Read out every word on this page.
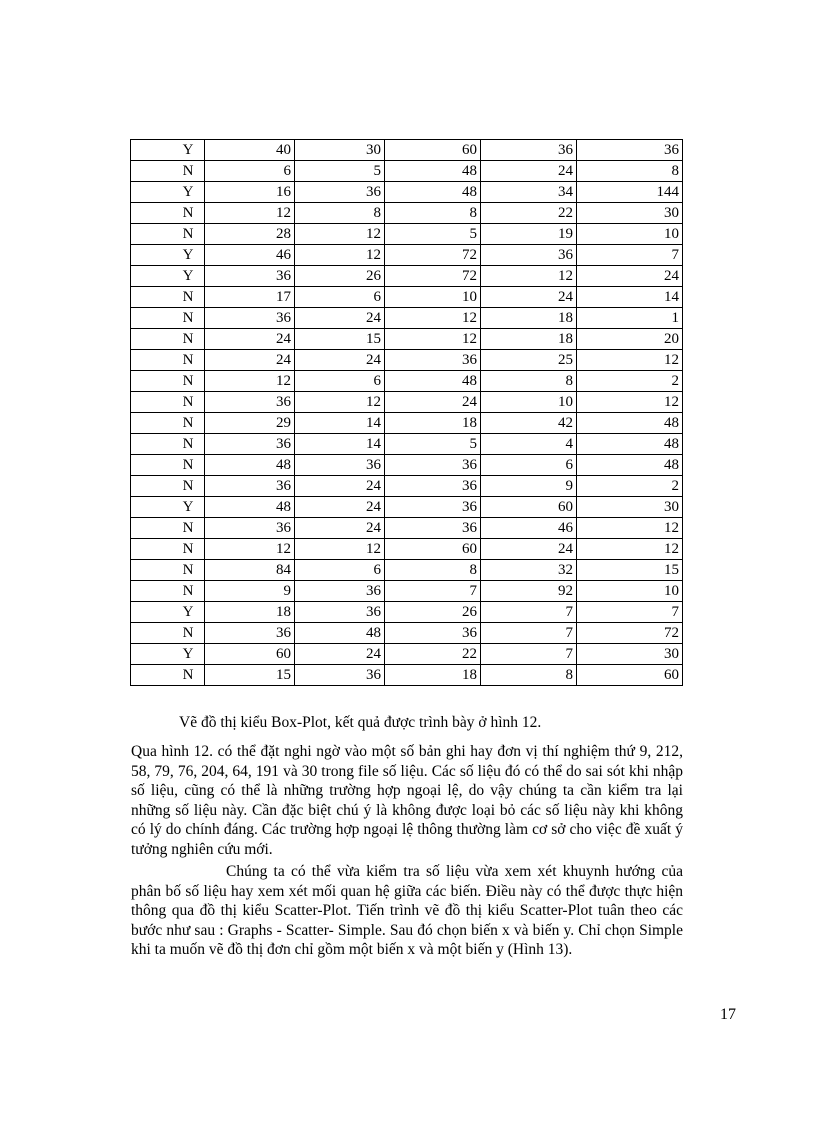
Y	40	30	60	36	36
N	6	5	48	24	8
Y	16	36	48	34	144
N	12	8	8	22	30
N	28	12	5	19	10
Y	46	12	72	36	7
Y	36	26	72	12	24
N	17	6	10	24	14
N	36	24	12	18	1
N	24	15	12	18	20
N	24	24	36	25	12
N	12	6	48	8	2
N	36	12	24	10	12
N	29	14	18	42	48
N	36	14	5	4	48
N	48	36	36	6	48
N	36	24	36	9	2
Y	48	24	36	60	30
N	36	24	36	46	12
N	12	12	60	24	12
N	84	6	8	32	15
N	9	36	7	92	10
Y	18	36	26	7	7
N	36	48	36	7	72
Y	60	24	22	7	30
N	15	36	18	8	60
Vẽ đồ thị kiểu Box-Plot, kết quả được trình bày ở hình 12.
Qua hình 12. có thể đặt nghi ngờ vào một số bản ghi hay đơn vị thí nghiệm thứ 9, 212, 58, 79, 76, 204, 64, 191 và 30 trong file số liệu. Các số liệu đó có thể do sai sót khi nhập số liệu, cũng có thể là những trường hợp ngoại lệ, do vậy chúng ta cần kiểm tra lại những số liệu này. Cần đặc biệt chú ý là không được loại bỏ các số liệu này khi không có lý do chính đáng. Các trường hợp ngoại lệ thông thường làm cơ sở cho việc đề xuất ý tưởng nghiên cứu mới.
Chúng ta có thể vừa kiểm tra số liệu vừa xem xét khuynh hướng của phân bố số liệu hay xem xét mối quan hệ giữa các biến. Điều này có thể được thực hiện thông qua đồ thị kiểu Scatter-Plot. Tiến trình vẽ đồ thị kiểu Scatter-Plot tuân theo các bước như sau : Graphs - Scatter- Simple. Sau đó chọn biến x và biến y. Chỉ chọn Simple khi ta muốn vẽ đồ thị đơn chỉ gồm một biến x và một biến y (Hình 13).
17
